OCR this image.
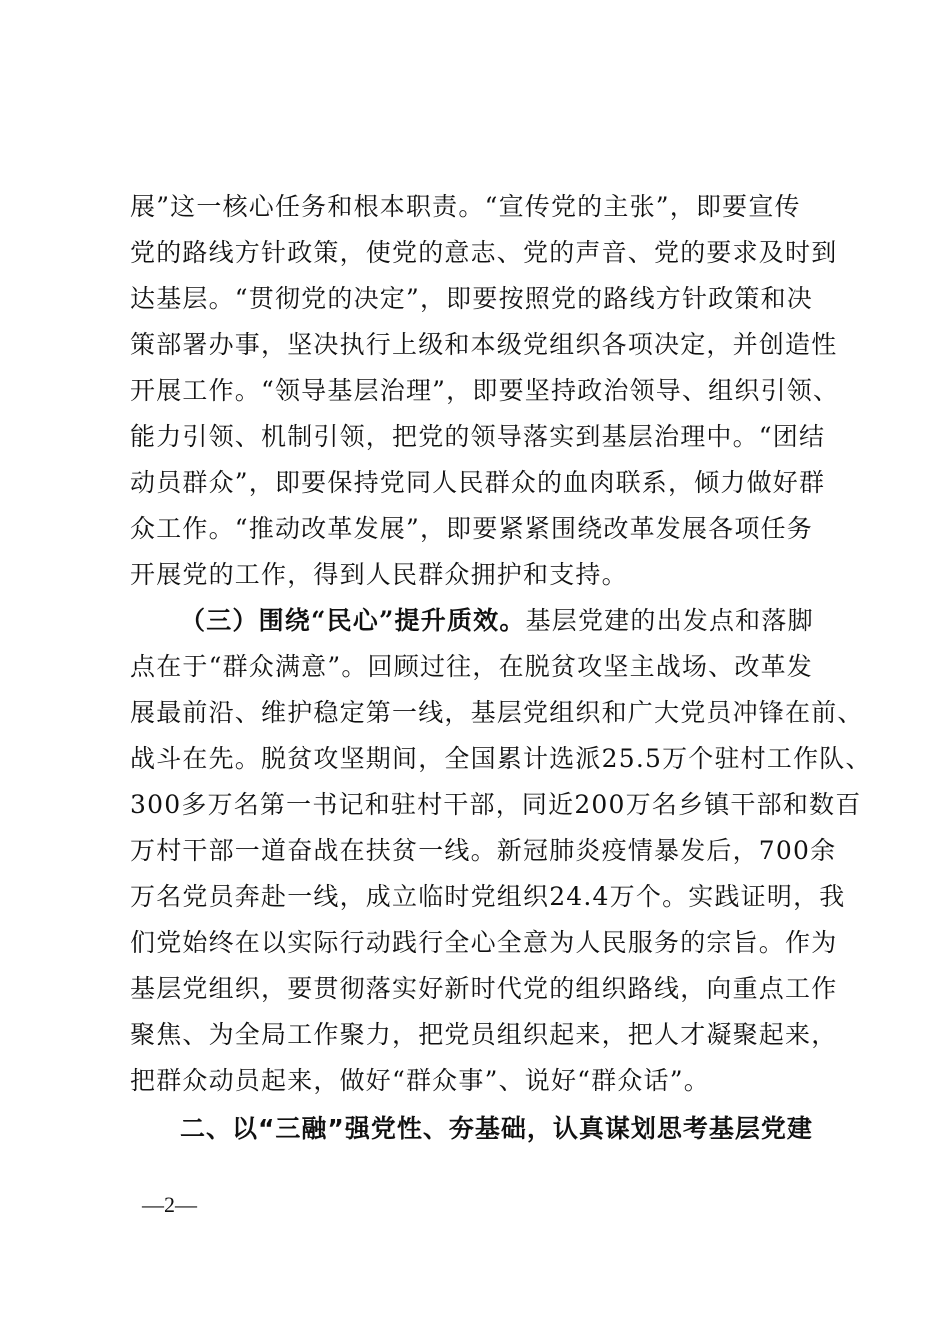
展”这一核心任务和根本职责。“宣传党的主张”，即要宣传
党的路线方针政策，使党的意志、党的声音、党的要求及时到
达基层。“贯彻党的决定”，即要按照党的路线方针政策和决
策部署办事，坚决执行上级和本级党组织各项决定，并创造性
开展工作。“领导基层治理”，即要坚持政治领导、组织引领、
能力引领、机制引领，把党的领导落实到基层治理中。“团结
动员群众”，即要保持党同人民群众的血肉联系，倾力做好群
众工作。“推动改革发展”，即要紧紧围绕改革发展各项任务
开展党的工作，得到人民群众拥护和支持。
（三）围绕“民心”提升质效。基层党建的出发点和落脚
点在于“群众满意”。回顾过往，在脱贫攻坚主战场、改革发
展最前沿、维护稳定第一线，基层党组织和广大党员冲锋在前、
战斗在先。脱贫攻坚期间，全国累计选派25.5万个驻村工作队、
300多万名第一书记和驻村干部，同近200万名乡镇干部和数百
万村干部一道奋战在扶贫一线。新冠肺炎疫情暴发后，700余
万名党员奔赴一线，成立临时党组织24.4万个。实践证明，我
们党始终在以实际行动践行全心全意为人民服务的宗旨。作为
基层党组织，要贯彻落实好新时代党的组织路线，向重点工作
聚焦、为全局工作聚力，把党员组织起来，把人才凝聚起来，
把群众动员起来，做好“群众事”、说好“群众话”。
二、以“三融”强党性、夯基础，认真谋划思考基层党建
—2—
